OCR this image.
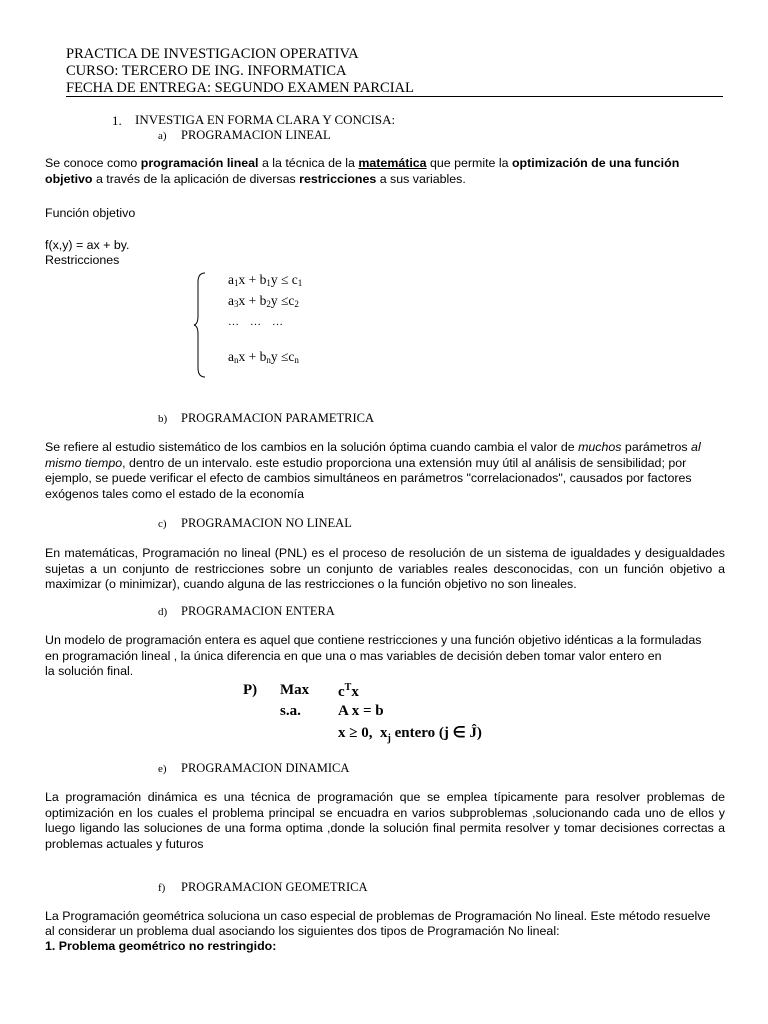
PRACTICA DE INVESTIGACION OPERATIVA
CURSO: TERCERO DE ING. INFORMATICA
FECHA DE ENTREGA: SEGUNDO EXAMEN PARCIAL
1. INVESTIGA EN FORMA CLARA Y CONCISA:
a) PROGRAMACION LINEAL
Se conoce como programación lineal a la técnica de la matemática que permite la optimización de una función objetivo a través de la aplicación de diversas restricciones a sus variables.
Función objetivo
f(x,y) = ax + by.
Restricciones
$a_1x + b_1y \le c_1$
$a_3x + b_2y \le c_2$
…    …    …
$a_nx + b_ny \le c_n$
b) PROGRAMACION PARAMETRICA
Se refiere al estudio sistemático de los cambios en la solución óptima cuando cambia el valor de muchos parámetros al mismo tiempo, dentro de un intervalo. este estudio proporciona una extensión muy útil al análisis de sensibilidad; por ejemplo, se puede verificar el efecto de cambios simultáneos en parámetros "correlacionados", causados por factores exógenos tales como el estado de la economía
c) PROGRAMACION NO LINEAL
En matemáticas, Programación no lineal (PNL) es el proceso de resolución de un sistema de igualdades y desigualdades sujetas a un conjunto de restricciones sobre un conjunto de variables reales desconocidas, con un función objetivo a maximizar (o minimizar), cuando alguna de las restricciones o la función objetivo no son lineales.
d) PROGRAMACION ENTERA
Un modelo de programación entera es aquel que contiene restricciones y una función objetivo idénticas a la formuladas
en programación lineal , la única diferencia en que una o mas variables de decisión deben tomar valor entero en
la solución final.
P) Max $c^Tx$
s.a. A x = b
x ≥ 0, $x_j$ entero (j ∈ Ĵ)
e) PROGRAMACION DINAMICA
La programación dinámica es una técnica de programación que se emplea típicamente para resolver problemas de optimización en los cuales el problema principal se encuadra en varios subproblemas ,solucionando cada uno de ellos y luego ligando las soluciones de una forma optima ,donde la solución final permita resolver y tomar decisiones correctas a problemas actuales y futuros
f) PROGRAMACION GEOMETRICA
La Programación geométrica soluciona un caso especial de problemas de Programación No lineal. Este método resuelve
al considerar un problema dual asociando los siguientes dos tipos de Programación No lineal:
1. Problema geométrico no restringido:
